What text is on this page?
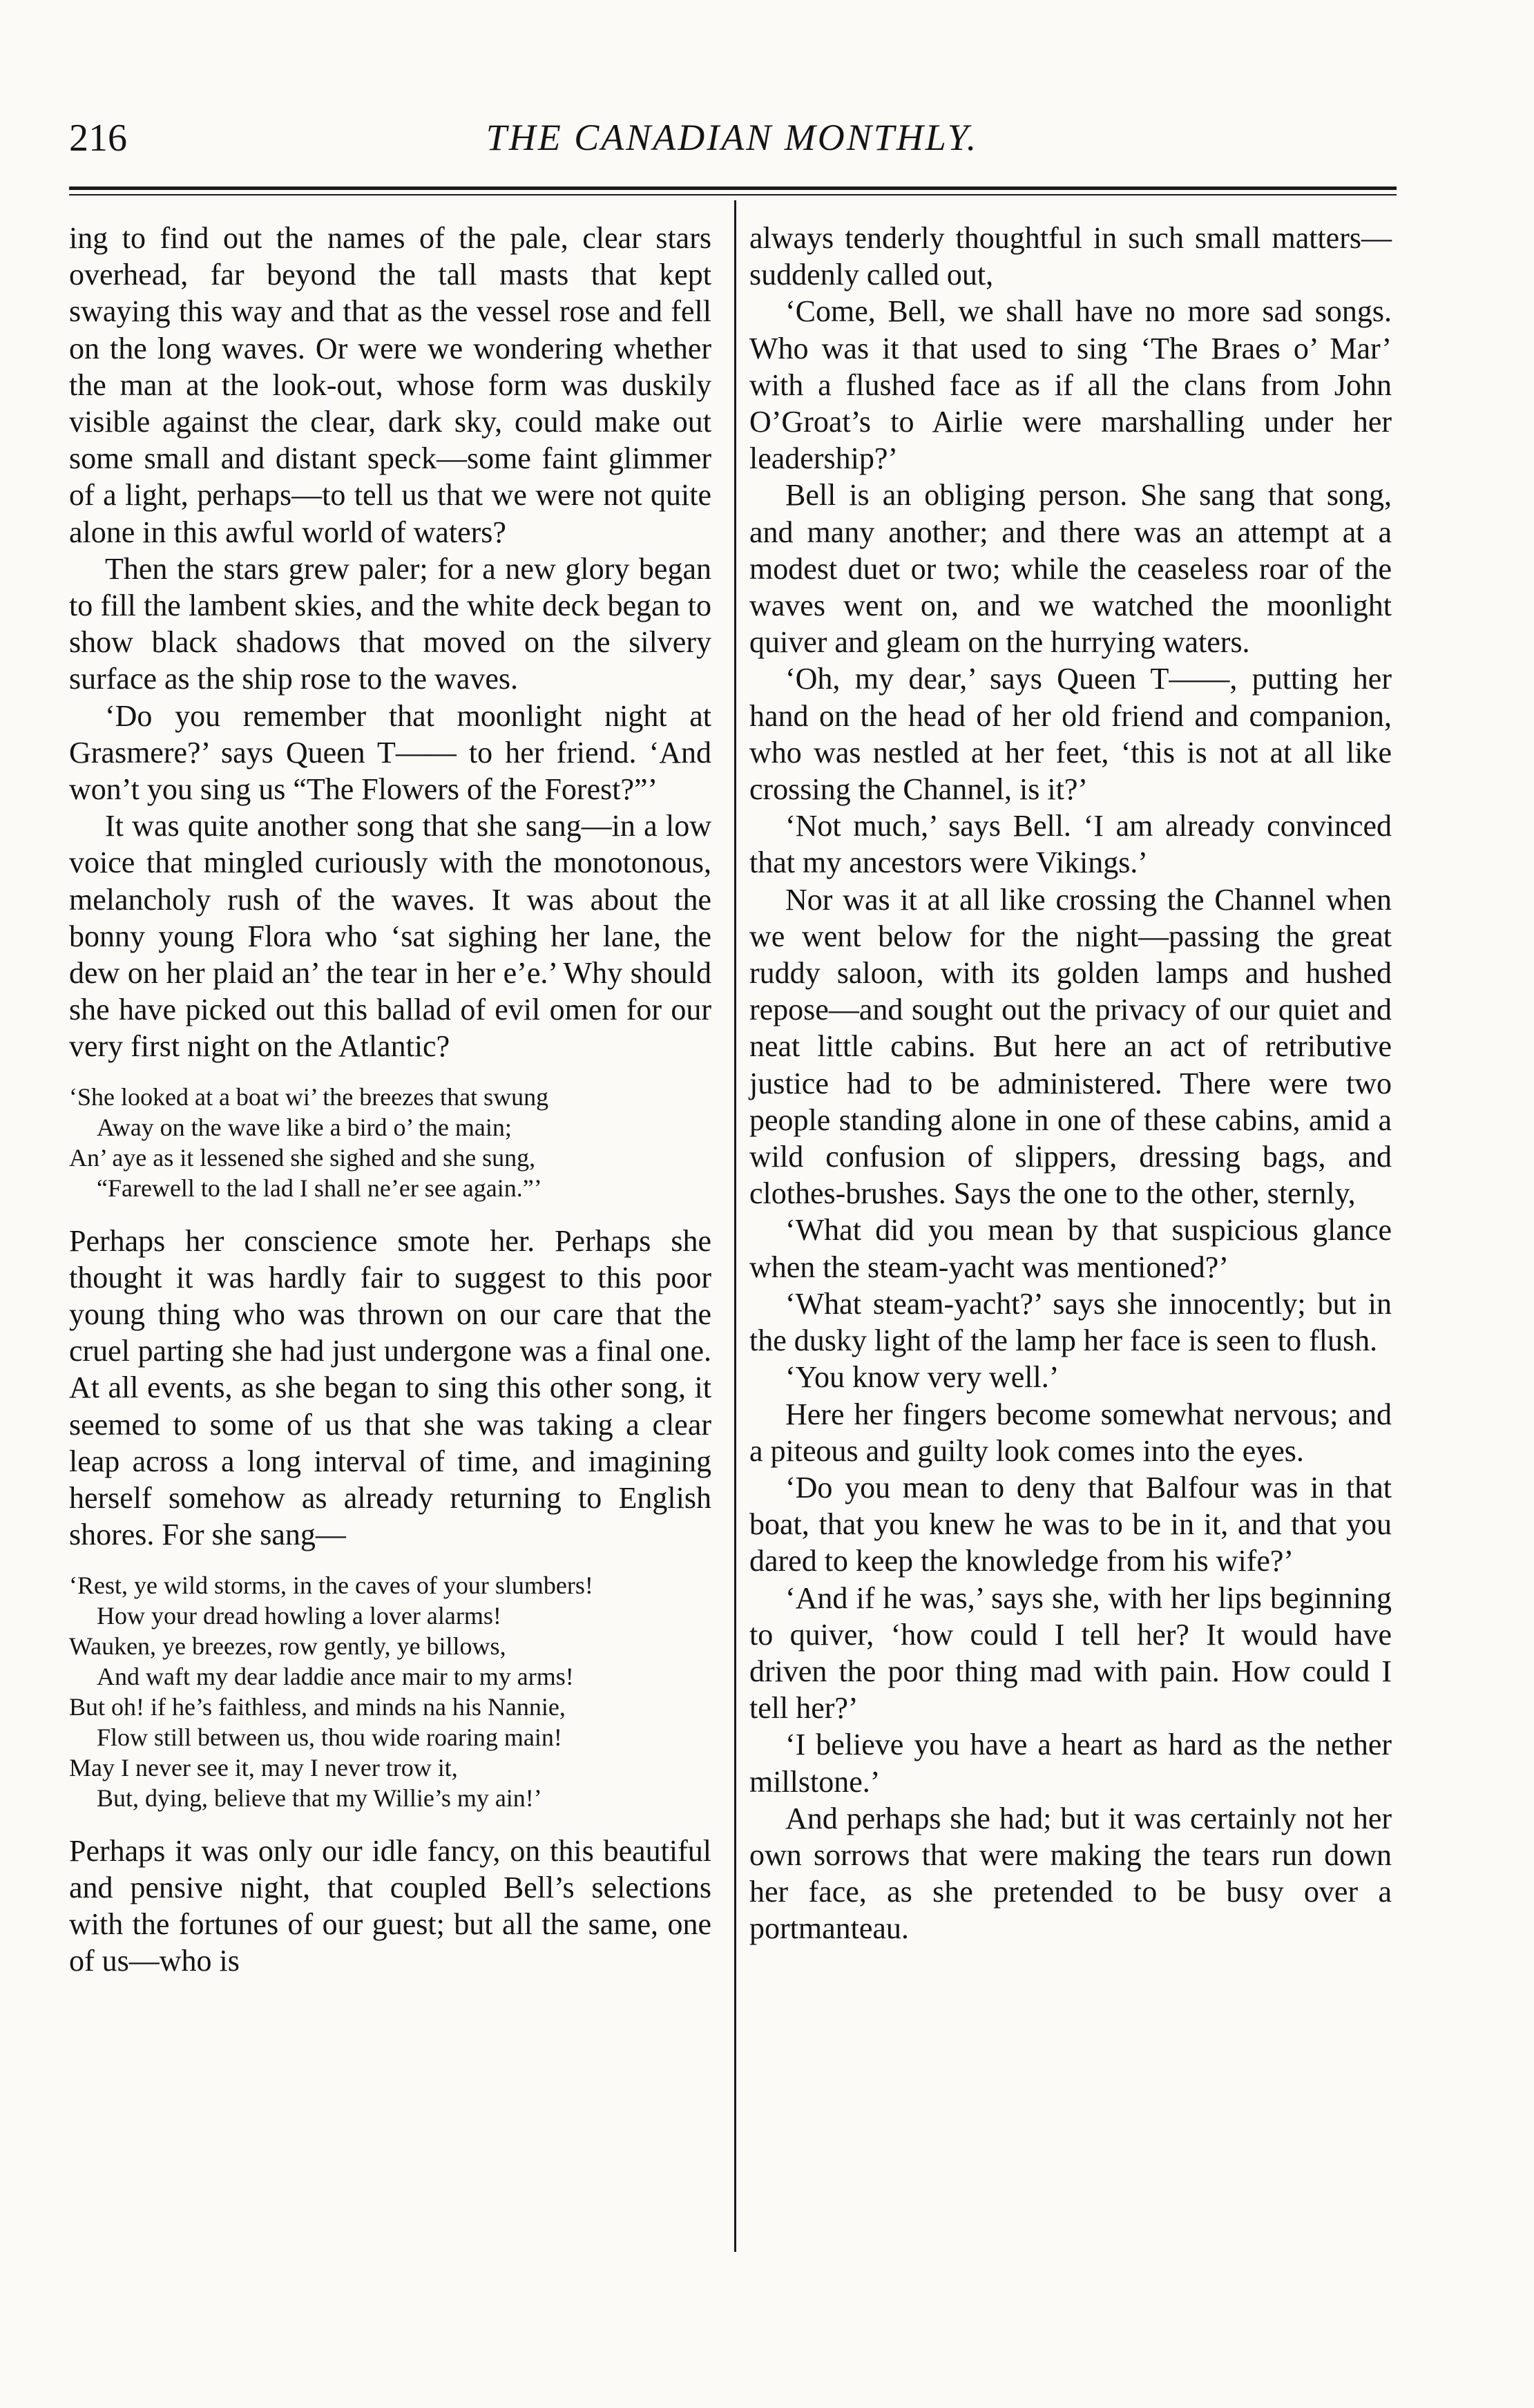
216	THE CANADIAN MONTHLY.

ing to find out the names of the pale, clear stars overhead, far beyond the tall masts that kept swaying this way and that as the vessel rose and fell on the long waves. Or were we wondering whether the man at the look-out, whose form was duskily visible against the clear, dark sky, could make out some small and distant speck—some faint glimmer of a light, perhaps—to tell us that we were not quite alone in this awful world of waters?

Then the stars grew paler; for a new glory began to fill the lambent skies, and the white deck began to show black shadows that moved on the silvery surface as the ship rose to the waves.

‘Do you remember that moonlight night at Grasmere?’ says Queen T—— to her friend. ‘And won’t you sing us “The Flowers of the Forest?”’

It was quite another song that she sang—in a low voice that mingled curiously with the monotonous, melancholy rush of the waves. It was about the bonny young Flora who ‘sat sighing her lane, the dew on her plaid an’ the tear in her e’e.’ Why should she have picked out this ballad of evil omen for our very first night on the Atlantic?

‘She looked at a boat wi’ the breezes that swung
Away on the wave like a bird o’ the main;
An’ aye as it lessened she sighed and she sung,
“Farewell to the lad I shall ne’er see again.”’

Perhaps her conscience smote her. Perhaps she thought it was hardly fair to suggest to this poor young thing who was thrown on our care that the cruel parting she had just undergone was a final one. At all events, as she began to sing this other song, it seemed to some of us that she was taking a clear leap across a long interval of time, and imagining herself somehow as already returning to English shores. For she sang—

‘Rest, ye wild storms, in the caves of your slumbers!
How your dread howling a lover alarms!
Wauken, ye breezes, row gently, ye billows,
And waft my dear laddie ance mair to my arms!
But oh! if he’s faithless, and minds na his Nannie,
Flow still between us, thou wide roaring main!
May I never see it, may I never trow it,
But, dying, believe that my Willie’s my ain!’

Perhaps it was only our idle fancy, on this beautiful and pensive night, that coupled Bell’s selections with the fortunes of our guest; but all the same, one of us—who is

always tenderly thoughtful in such small matters—suddenly called out,

‘Come, Bell, we shall have no more sad songs. Who was it that used to sing ‘The Braes o’ Mar’ with a flushed face as if all the clans from John O’Groat’s to Airlie were marshalling under her leadership?’

Bell is an obliging person. She sang that song, and many another; and there was an attempt at a modest duet or two; while the ceaseless roar of the waves went on, and we watched the moonlight quiver and gleam on the hurrying waters.

‘Oh, my dear,’ says Queen T——, putting her hand on the head of her old friend and companion, who was nestled at her feet, ‘this is not at all like crossing the Channel, is it?’

‘Not much,’ says Bell. ‘I am already convinced that my ancestors were Vikings.’

Nor was it at all like crossing the Channel when we went below for the night—passing the great ruddy saloon, with its golden lamps and hushed repose—and sought out the privacy of our quiet and neat little cabins. But here an act of retributive justice had to be administered. There were two people standing alone in one of these cabins, amid a wild confusion of slippers, dressing bags, and clothes-brushes. Says the one to the other, sternly,

‘What did you mean by that suspicious glance when the steam-yacht was mentioned?’

‘What steam-yacht?’ says she innocently; but in the dusky light of the lamp her face is seen to flush.

‘You know very well.’

Here her fingers become somewhat nervous; and a piteous and guilty look comes into the eyes.

‘Do you mean to deny that Balfour was in that boat, that you knew he was to be in it, and that you dared to keep the knowledge from his wife?’

‘And if he was,’ says she, with her lips beginning to quiver, ‘how could I tell her? It would have driven the poor thing mad with pain. How could I tell her?’

‘I believe you have a heart as hard as the nether millstone.’

And perhaps she had; but it was certainly not her own sorrows that were making the tears run down her face, as she pretended to be busy over a portmanteau.
